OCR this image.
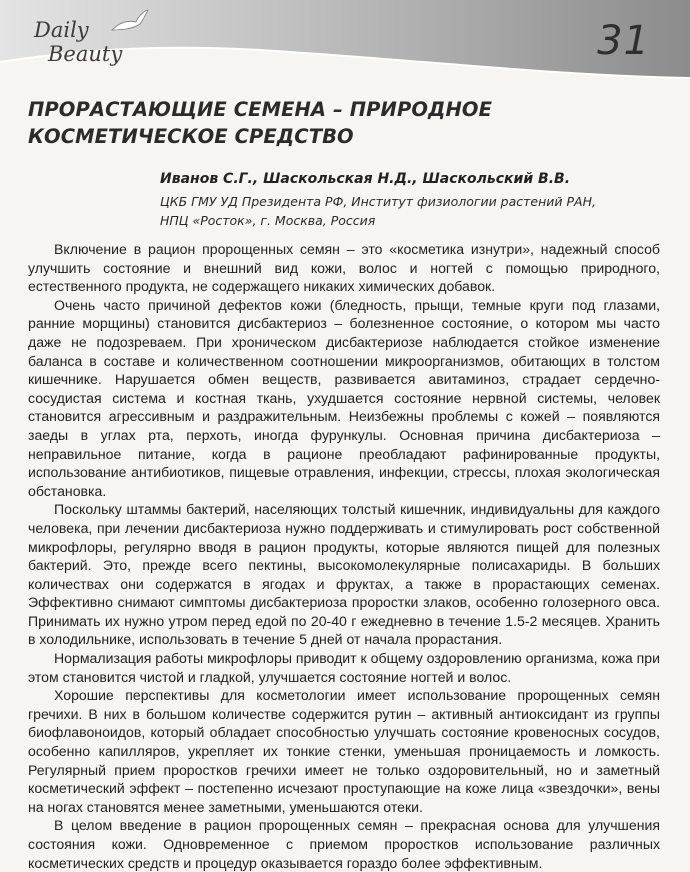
Daily
Beauty	31
ПРОРАСТАЮЩИЕ СЕМЕНА – ПРИРОДНОЕ КОСМЕТИЧЕСКОЕ СРЕДСТВО
Иванов С.Г., Шаскольская Н.Д., Шаскольский В.В.
ЦКБ ГМУ УД Президента РФ, Институт физиологии растений РАН,
НПЦ «Росток», г. Москва, Россия

Включение в рацион пророщенных семян – это «косметика изнутри», надежный способ улучшить состояние и внешний вид кожи, волос и ногтей с помощью природного, естественного продукта, не содержащего никаких химических добавок.

Очень часто причиной дефектов кожи (бледность, прыщи, темные круги под глазами, ранние морщины) становится дисбактериоз – болезненное состояние, о котором мы часто даже не подозреваем. При хроническом дисбактериозе наблюдается стойкое изменение баланса в составе и количественном соотношении микроорганизмов, обитающих в толстом кишечнике. Нарушается обмен веществ, развивается авитаминоз, страдает сердечно-сосудистая система и костная ткань, ухудшается состояние нервной системы, человек становится агрессивным и раздражительным. Неизбежны проблемы с кожей – появляются заеды в углах рта, перхоть, иногда фурункулы. Основная причина дисбактериоза – неправильное питание, когда в рационе преобладают рафинированные продукты, использование антибиотиков, пищевые отравления, инфекции, стрессы, плохая экологическая обстановка.

Поскольку штаммы бактерий, населяющих толстый кишечник, индивидуальны для каждого человека, при лечении дисбактериоза нужно поддерживать и стимулировать рост собственной микрофлоры, регулярно вводя в рацион продукты, которые являются пищей для полезных бактерий. Это, прежде всего пектины, высокомолекулярные полисахариды. В больших количествах они содержатся в ягодах и фруктах, а также в прорастающих семенах. Эффективно снимают симптомы дисбактериоза проростки злаков, особенно голозерного овса. Принимать их нужно утром перед едой по 20-40 г ежедневно в течение 1.5-2 месяцев. Хранить в холодильнике, использовать в течение 5 дней от начала прорастания.

Нормализация работы микрофлоры приводит к общему оздоровлению организма, кожа при этом становится чистой и гладкой, улучшается состояние ногтей и волос.

Хорошие перспективы для косметологии имеет использование пророщенных семян гречихи. В них в большом количестве содержится рутин – активный антиоксидант из группы биофлавоноидов, который обладает способностью улучшать состояние кровеносных сосудов, особенно капилляров, укрепляет их тонкие стенки, уменьшая проницаемость и ломкость. Регулярный прием проростков гречихи имеет не только оздоровительный, но и заметный косметический эффект – постепенно исчезают проступающие на коже лица «звездочки», вены на ногах становятся менее заметными, уменьшаются отеки.

В целом введение в рацион пророщенных семян – прекрасная основа для улучшения состояния кожи. Одновременное с приемом проростков использование различных косметических средств и процедур оказывается гораздо более эффективным.
